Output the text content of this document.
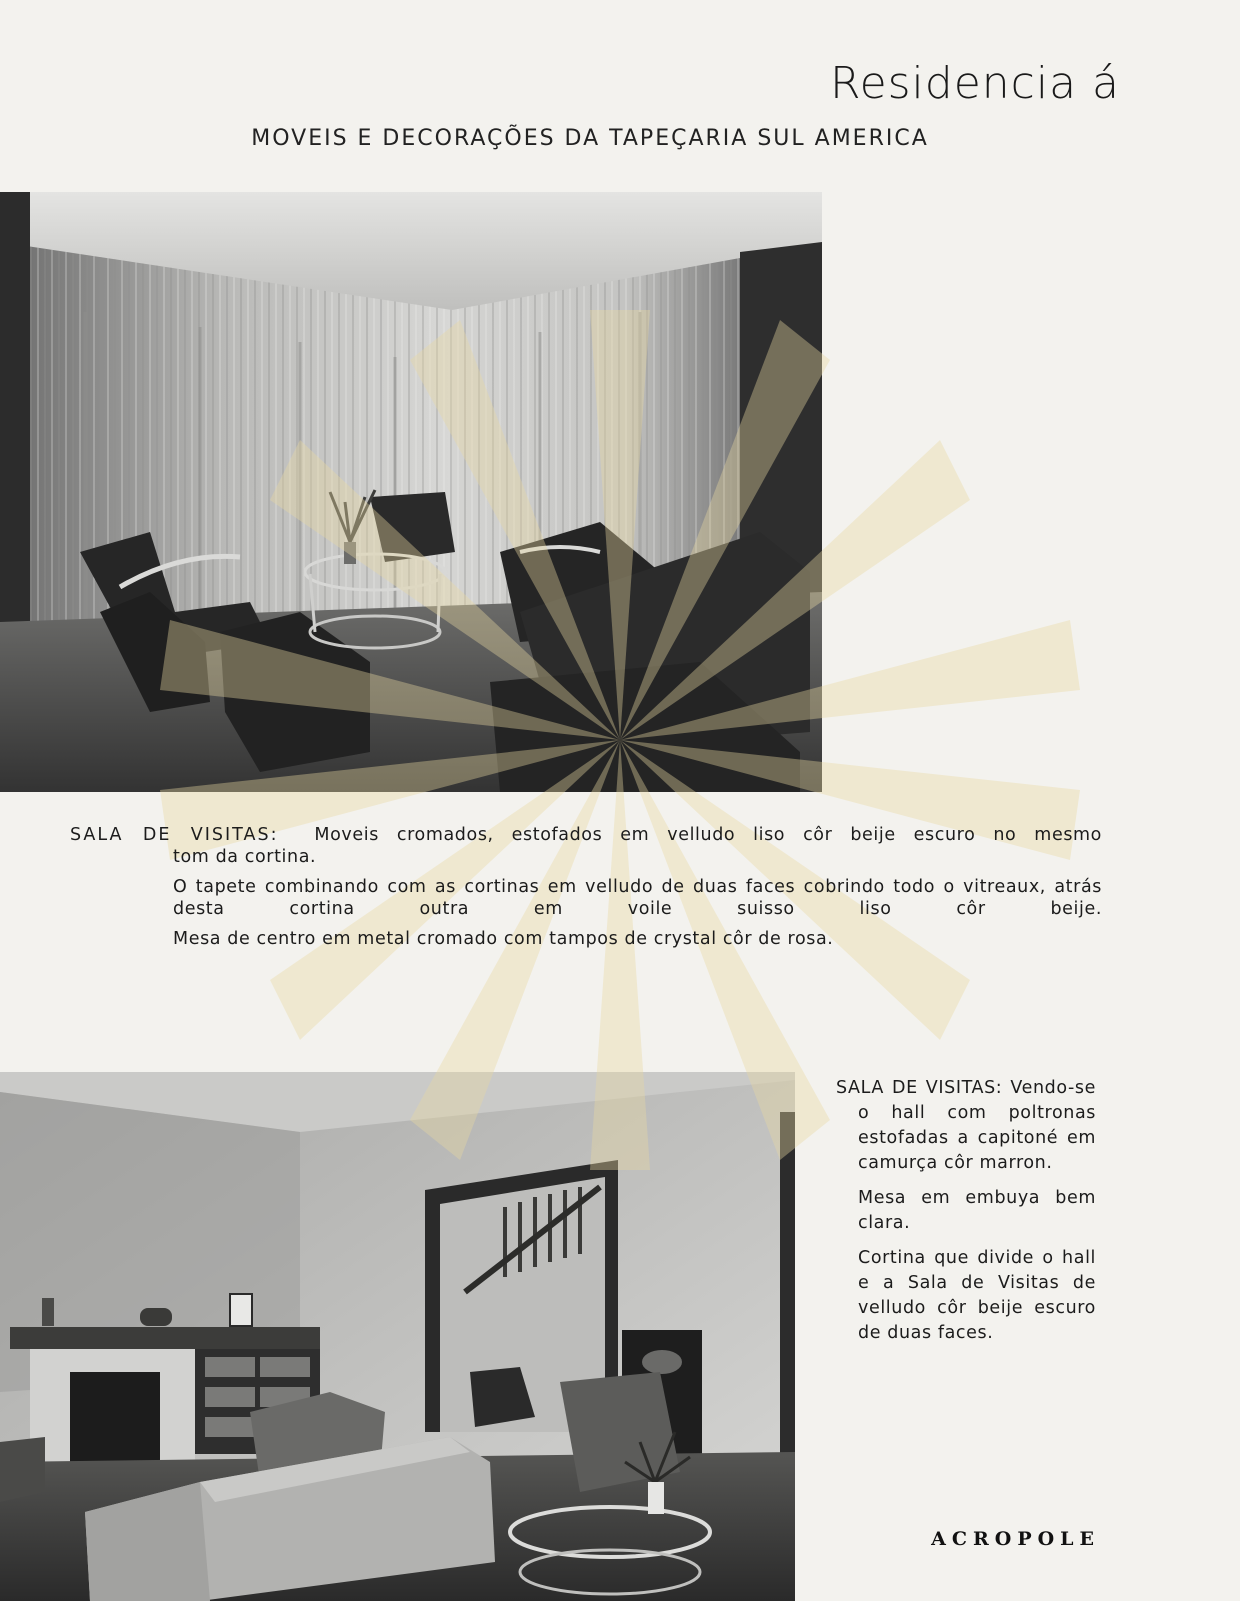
Residencia á
MOVEIS E DECORAÇÕES DA TAPEÇARIA SUL AMERICA
SALA DE VISITAS: Moveis cromados, estofados em velludo liso côr beije escuro no mesmo
tom da cortina.

O tapete combinando com as cortinas em velludo de duas faces cobrindo todo o vitreaux, atrás desta cortina outra em voile suisso liso côr beije.

Mesa de centro em metal cromado com tampos de crystal côr de rosa.

SALA DE VISITAS: Vendo-se o hall com poltronas estofadas a capitoné em camurça côr marron.

Mesa em embuya bem clara.

Cortina que divide o hall e a Sala de Visitas de velludo côr beije escuro de duas faces.

ACROPOLE
